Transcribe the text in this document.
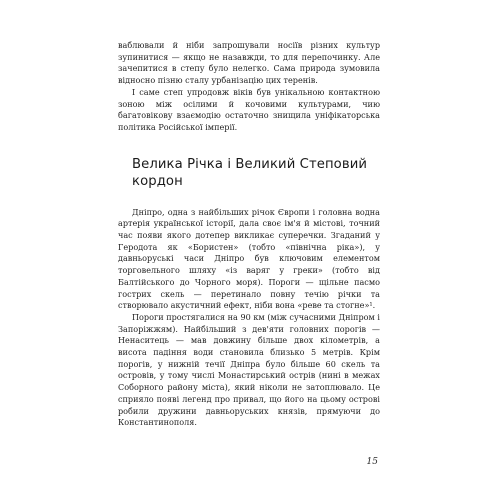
ваблювали й ніби запрошували носіїв різних культур зупинитися — якщо не назавжди, то для перепочинку. Але зачепитися в степу було нелегко. Сама природа зумовила відносно пізню сталу урбанізацію цих теренів.

І саме степ упродовж віків був унікальною контактною зоною між осілими й кочовими культурами, чию багатовікову взаємодію остаточно знищила уніфікаторська політика Російської імперії.

Велика Річка і Великий Степовий кордон

Дніпро, одна з найбільших річок Європи і головна водна артерія української історії, дала своє ім'я й містові, точний час появи якого дотепер викликає суперечки. Згаданий у Геродота як «Бористен» (тобто «північна ріка»), у давньоруські часи Дніпро був ключовим елементом торговельного шляху «із варяг у греки» (тобто від Балтійського до Чорного моря). Пороги — щільне пасмо гострих скель — перетинало повну течію річки та створювало акустичний ефект, ніби вона «реве та стогне»¹.

Пороги простягалися на 90 км (між сучасними Дніпром і Запоріжжям). Найбільший з дев'яти головних порогів — Ненаситець — мав довжину більше двох кілометрів, а висота падіння води становила близько 5 метрів. Крім порогів, у нижній течії Дніпра було більше 60 скель та островів, у тому числі Монастирський острів (нині в межах Соборного району міста), який ніколи не затоплювало. Це сприяло появі легенд про привал, що його на цьому острові робили дружини давньоруських князів, прямуючи до Константинополя.

15
